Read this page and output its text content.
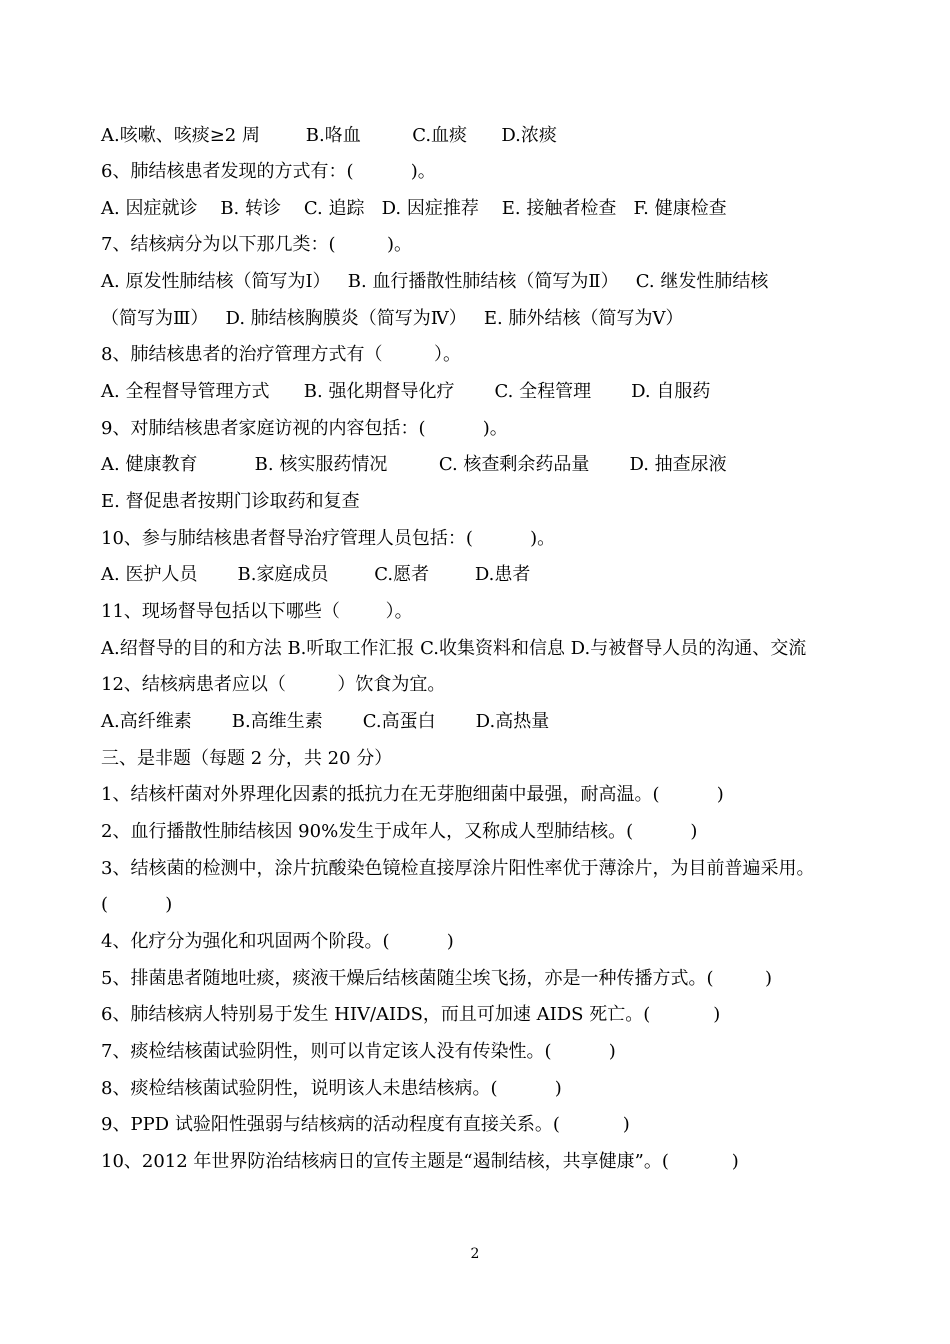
A.咳嗽、咳痰≥2 周        B.咯血         C.血痰      D.浓痰
6、肺结核患者发现的方式有：(          )。
A. 因症就诊    B. 转诊    C. 追踪   D. 因症推荐    E. 接触者检查   F. 健康检查
7、结核病分为以下那几类：(         )。
A. 原发性肺结核（简写为Ⅰ）   B. 血行播散性肺结核（简写为Ⅱ）   C. 继发性肺结核
（简写为Ⅲ）   D. 肺结核胸膜炎（简写为Ⅳ）   E. 肺外结核（简写为Ⅴ）
8、肺结核患者的治疗管理方式有（         ）。
A. 全程督导管理方式      B. 强化期督导化疗       C. 全程管理       D. 自服药
9、对肺结核患者家庭访视的内容包括：(          )。
A. 健康教育          B. 核实服药情况         C. 核查剩余药品量       D. 抽查尿液
E. 督促患者按期门诊取药和复查
10、参与肺结核患者督导治疗管理人员包括：(          )。
A. 医护人员       B.家庭成员        C.愿者        D.患者
11、现场督导包括以下哪些（        ）。
A.绍督导的目的和方法 B.听取工作汇报 C.收集资料和信息 D.与被督导人员的沟通、交流
12、结核病患者应以（         ）饮食为宜。
A.高纤维素       B.高维生素       C.高蛋白       D.高热量
三、是非题（每题 2 分，共 20 分）
1、结核杆菌对外界理化因素的抵抗力在无芽胞细菌中最强，耐高温。(          )
2、血行播散性肺结核因 90%发生于成年人，又称成人型肺结核。(          )
3、结核菌的检测中，涂片抗酸染色镜检直接厚涂片阳性率优于薄涂片，为目前普遍采用。
(          )
4、化疗分为强化和巩固两个阶段。(          )
5、排菌患者随地吐痰，痰液干燥后结核菌随尘埃飞扬，亦是一种传播方式。(         )
6、肺结核病人特别易于发生 HIV/AIDS，而且可加速 AIDS 死亡。(           )
7、痰检结核菌试验阴性，则可以肯定该人没有传染性。(          )
8、痰检结核菌试验阴性，说明该人未患结核病。(          )
9、PPD 试验阳性强弱与结核病的活动程度有直接关系。(           )
10、2012 年世界防治结核病日的宣传主题是“遏制结核，共享健康”。(           )
2
